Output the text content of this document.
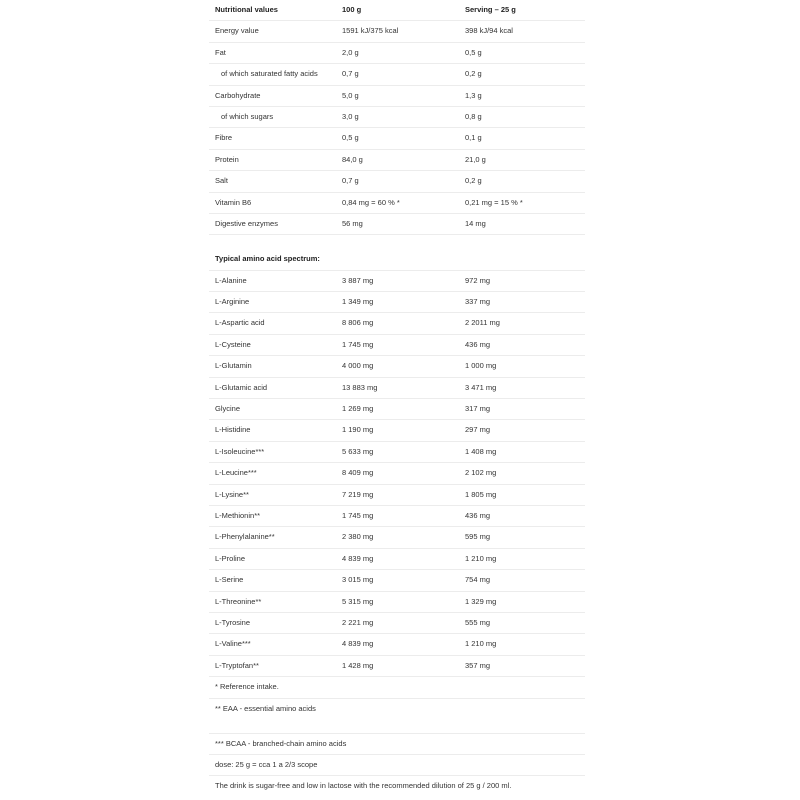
Nutritional values	100 g	Serving – 25 g
Energy value	1591 kJ/375 kcal	398 kJ/94 kcal
Fat	2,0 g	0,5 g
of which saturated fatty acids	0,7 g	0,2 g
Carbohydrate	5,0 g	1,3 g
of which sugars	3,0 g	0,8 g
Fibre	0,5 g	0,1 g
Protein	84,0 g	21,0 g
Salt	0,7 g	0,2 g
Vitamin B6	0,84 mg = 60 % *	0,21 mg = 15 % *
Digestive enzymes	56 mg	14 mg
Typical amino acid spectrum:
L-Alanine	3 887 mg	972 mg
L-Arginine	1 349 mg	337 mg
L-Aspartic acid	8 806 mg	2 2011 mg
L-Cysteine	1 745 mg	436 mg
L-Glutamin	4 000 mg	1 000 mg
L-Glutamic acid	13 883 mg	3 471 mg
Glycine	1 269 mg	317 mg
L-Histidine	1 190 mg	297 mg
L-Isoleucine***	5 633 mg	1 408 mg
L-Leucine***	8 409 mg	2 102 mg
L-Lysine**	7 219 mg	1 805 mg
L-Methionin**	1 745 mg	436 mg
L-Phenylalanine**	2 380 mg	595 mg
L-Proline	4 839 mg	1 210 mg
L-Serine	3 015 mg	754 mg
L-Threonine**	5 315 mg	1 329 mg
L-Tyrosine	2 221 mg	555 mg
L-Valine***	4 839 mg	1 210 mg
L-Tryptofan**	1 428 mg	357 mg
* Reference intake.
** EAA - essential amino acids
*** BCAA - branched-chain amino acids
dose: 25 g = cca 1 a 2/3 scope
The drink is sugar-free and low in lactose with the recommended dilution of 25 g / 200 ml.
